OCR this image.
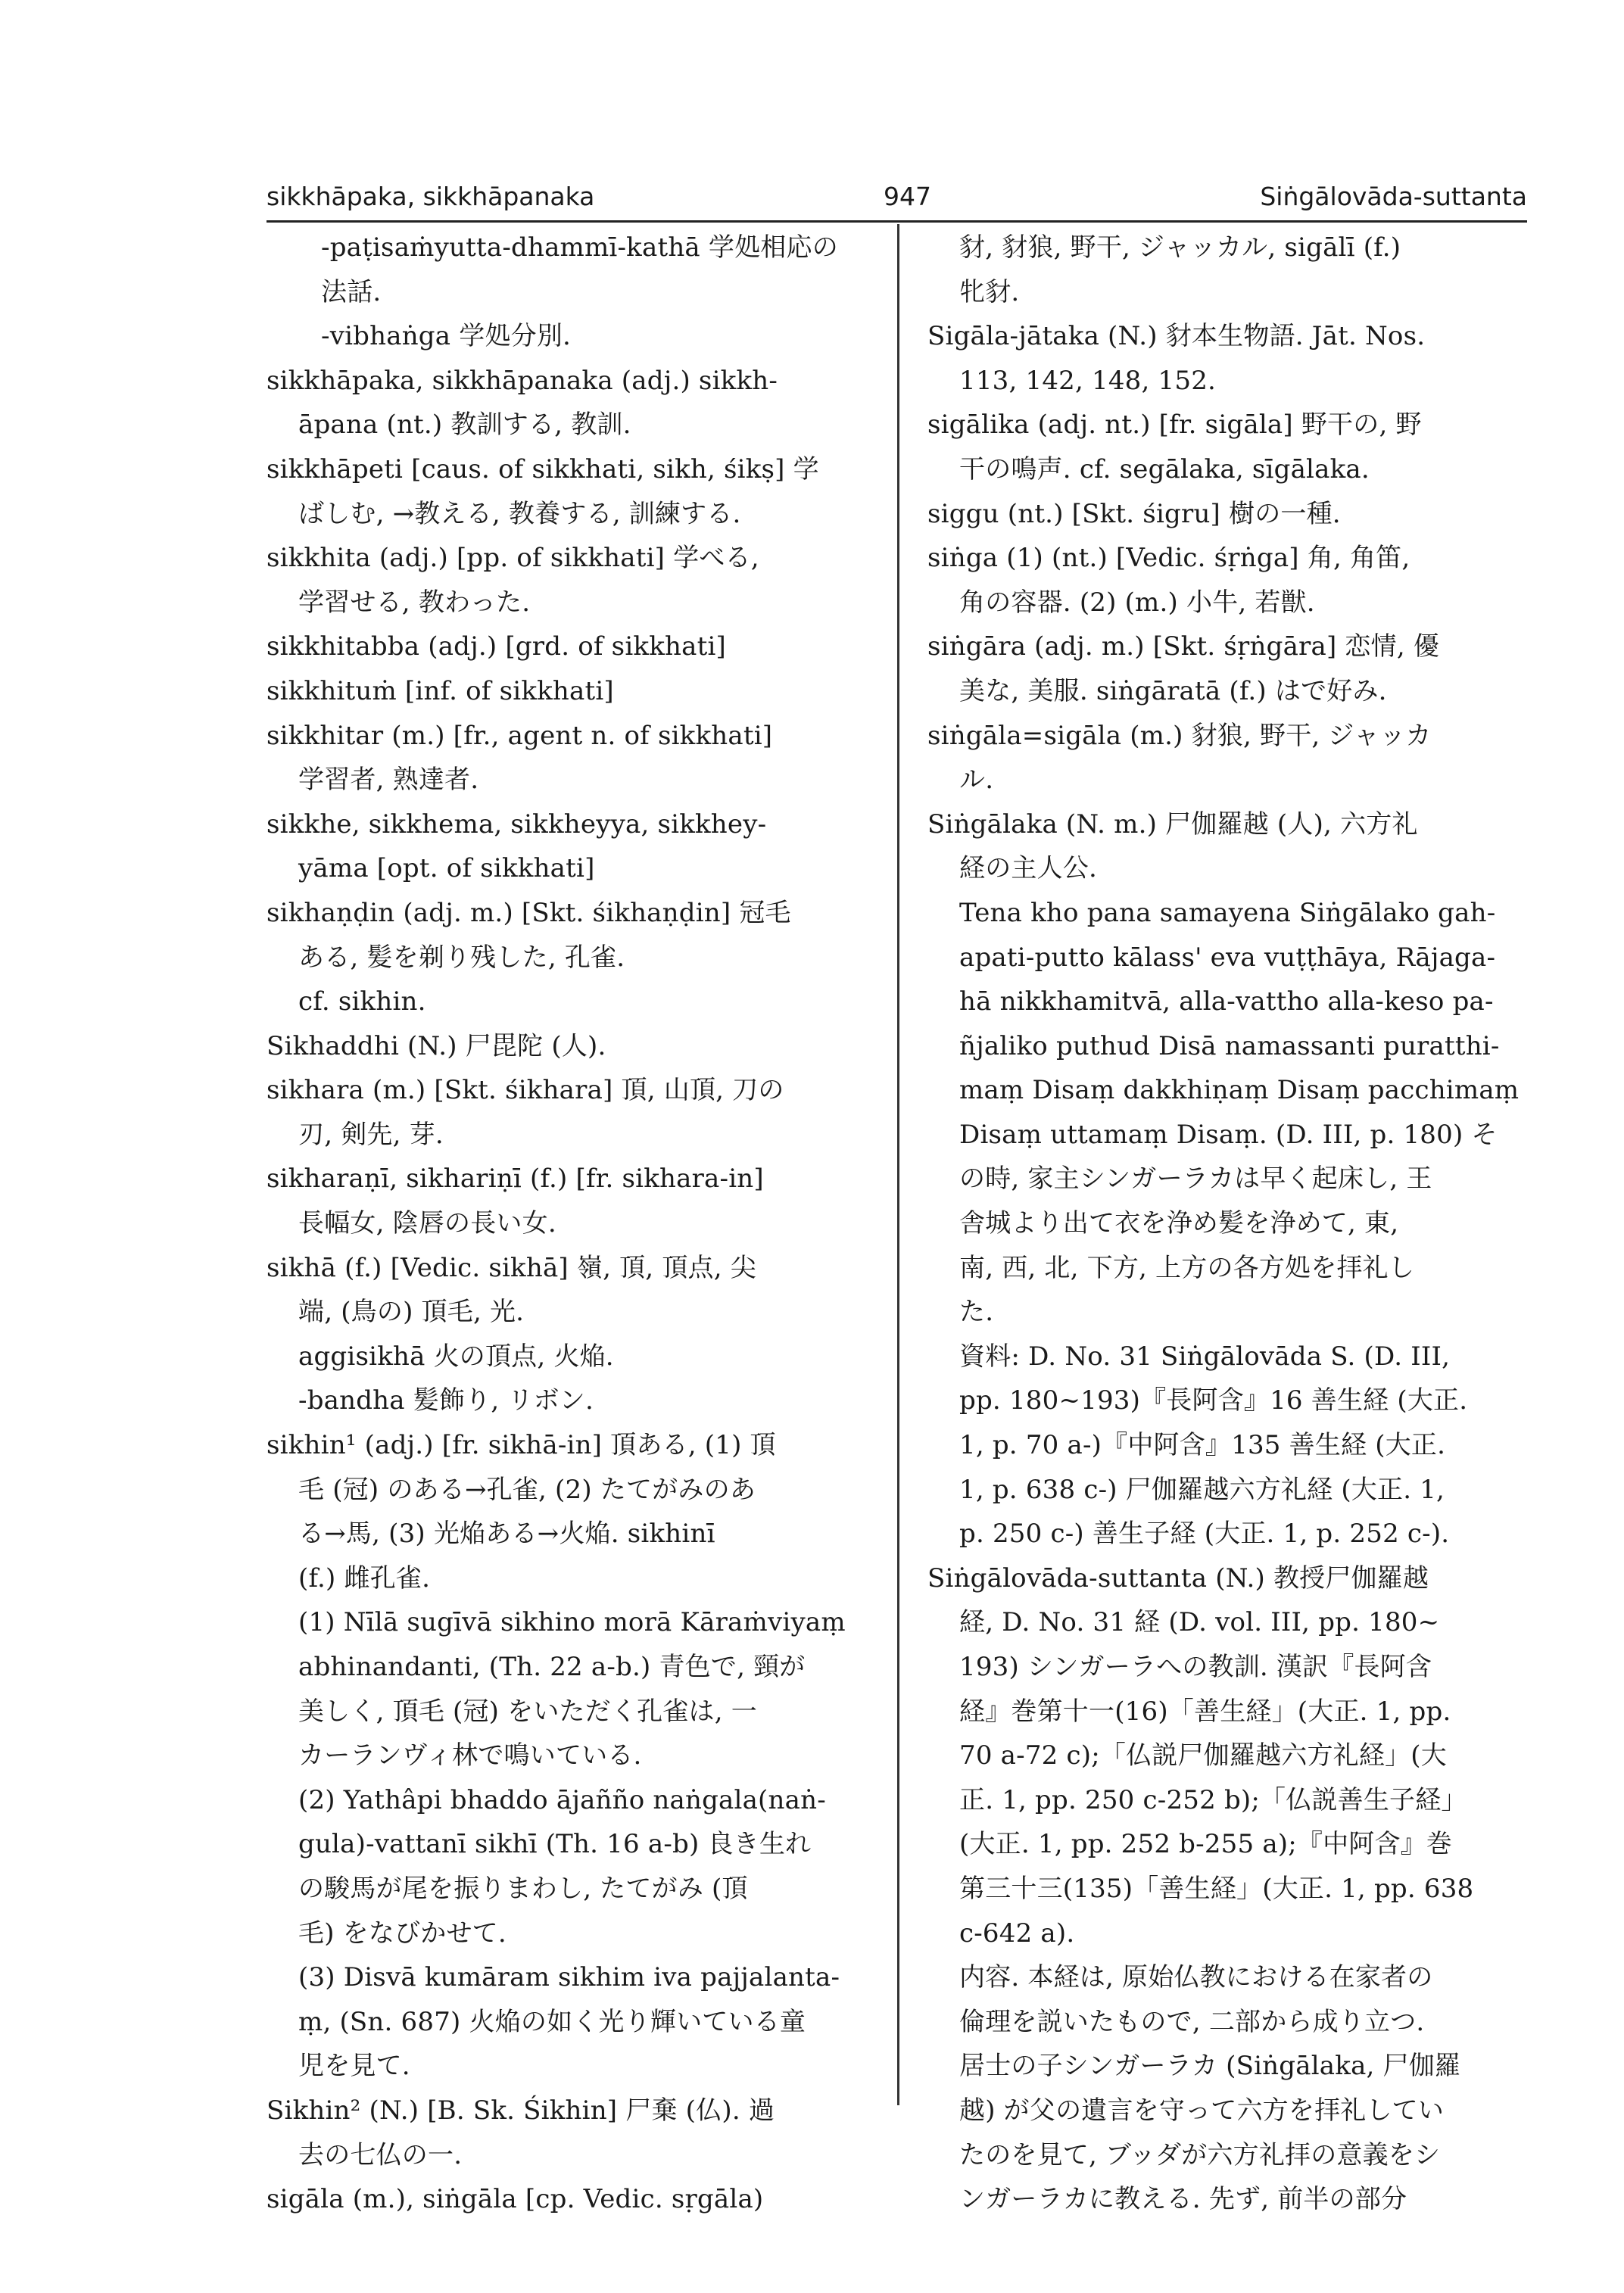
sikkhāpaka, sikkhāpanaka	947	Siṅgālovāda-suttanta
-paṭisaṁyutta-dhammī-kathā 学処相応の
法話.
-vibhaṅga 学処分別.
sikkhāpaka, sikkhāpanaka (adj.) sikkh-
āpana (nt.) 教訓する, 教訓.
sikkhāpeti [caus. of sikkhati, sikh, śikṣ] 学
ばしむ, →教える, 教養する, 訓練する.
sikkhita (adj.) [pp. of sikkhati] 学べる,
学習せる, 教わった.
sikkhitabba (adj.) [grd. of sikkhati]
sikkhituṁ [inf. of sikkhati]
sikkhitar (m.) [fr., agent n. of sikkhati]
学習者, 熟達者.
sikkhe, sikkhema, sikkheyya, sikkhey-
yāma [opt. of sikkhati]
sikhaṇḍin (adj. m.) [Skt. śikhaṇḍin] 冠毛
ある, 髪を剃り残した, 孔雀.
cf. sikhin.
Sikhaddhi (N.) 尸毘陀 (人).
sikhara (m.) [Skt. śikhara] 頂, 山頂, 刀の
刃, 剣先, 芽.
sikharaṇī, sikhariṇī (f.) [fr. sikhara-in]
長幅女, 陰唇の長い女.
sikhā (f.) [Vedic. sikhā] 嶺, 頂, 頂点, 尖
端, (鳥の) 頂毛, 光.
aggisikhā 火の頂点, 火焔.
-bandha 髪飾り, リボン.
sikhin¹ (adj.) [fr. sikhā-in] 頂ある, (1) 頂
毛 (冠) のある→孔雀, (2) たてがみのあ
る→馬, (3) 光焔ある→火焔. sikhinī
(f.) 雌孔雀.
(1) Nīlā sugīvā sikhino morā Kāraṁviyaṃ
abhinandanti, (Th. 22 a-b.) 青色で, 頸が
美しく, 頂毛 (冠) をいただく孔雀は, 一
カーランヴィ林で鳴いている.
(2) Yathâpi bhaddo ājañño naṅgala(naṅ-
gula)-vattanī sikhī (Th. 16 a-b) 良き生れ
の駿馬が尾を振りまわし, たてがみ (頂
毛) をなびかせて.
(3) Disvā kumāram sikhim iva pajjalanta-
ṃ, (Sn. 687) 火焔の如く光り輝いている童
児を見て.
Sikhin² (N.) [B. Sk. Śikhin] 尸棄 (仏). 過
去の七仏の一.
sigāla (m.), siṅgāla [cp. Vedic. sṛgāla)
豺, 豺狼, 野干, ジャッカル, sigālī (f.)
牝豺.
Sigāla-jātaka (N.) 豺本生物語. Jāt. Nos.
113, 142, 148, 152.
sigālika (adj. nt.) [fr. sigāla] 野干の, 野
干の鳴声. cf. segālaka, sīgālaka.
siggu (nt.) [Skt. śigru] 樹の一種.
siṅga (1) (nt.) [Vedic. śṛṅga] 角, 角笛,
角の容器. (2) (m.) 小牛, 若獣.
siṅgāra (adj. m.) [Skt. śṛṅgāra] 恋情, 優
美な, 美服. siṅgāratā (f.) はで好み.
siṅgāla=sigāla (m.) 豺狼, 野干, ジャッカ
ル.
Siṅgālaka (N. m.) 尸伽羅越 (人), 六方礼
経の主人公.
Tena kho pana samayena Siṅgālako gah-
apati-putto kālass' eva vuṭṭhāya, Rājaga-
hā nikkhamitvā, alla-vattho alla-keso pa-
ñjaliko puthud Disā namassanti puratthi-
maṃ Disaṃ dakkhiṇaṃ Disaṃ pacchimaṃ
Disaṃ uttamaṃ Disaṃ. (D. III, p. 180) そ
の時, 家主シンガーラカは早く起床し, 王
舎城より出て衣を浄め髪を浄めて, 東,
南, 西, 北, 下方, 上方の各方処を拝礼し
た.
資料: D. No. 31 Siṅgālovāda S. (D. III,
pp. 180~193)『長阿含』16 善生経 (大正.
1, p. 70 a-)『中阿含』135 善生経 (大正.
1, p. 638 c-) 尸伽羅越六方礼経 (大正. 1,
p. 250 c-) 善生子経 (大正. 1, p. 252 c-).
Siṅgālovāda-suttanta (N.) 教授尸伽羅越
経, D. No. 31 経 (D. vol. III, pp. 180~
193) シンガーラへの教訓. 漢訳『長阿含
経』巻第十一(16)「善生経」(大正. 1, pp.
70 a-72 c);「仏説尸伽羅越六方礼経」(大
正. 1, pp. 250 c-252 b);「仏説善生子経」
(大正. 1, pp. 252 b-255 a);『中阿含』巻
第三十三(135)「善生経」(大正. 1, pp. 638
c-642 a).
内容. 本経は, 原始仏教における在家者の
倫理を説いたもので, 二部から成り立つ.
居士の子シンガーラカ (Siṅgālaka, 尸伽羅
越) が父の遺言を守って六方を拝礼してい
たのを見て, ブッダが六方礼拝の意義をシ
ンガーラカに教える. 先ず, 前半の部分
